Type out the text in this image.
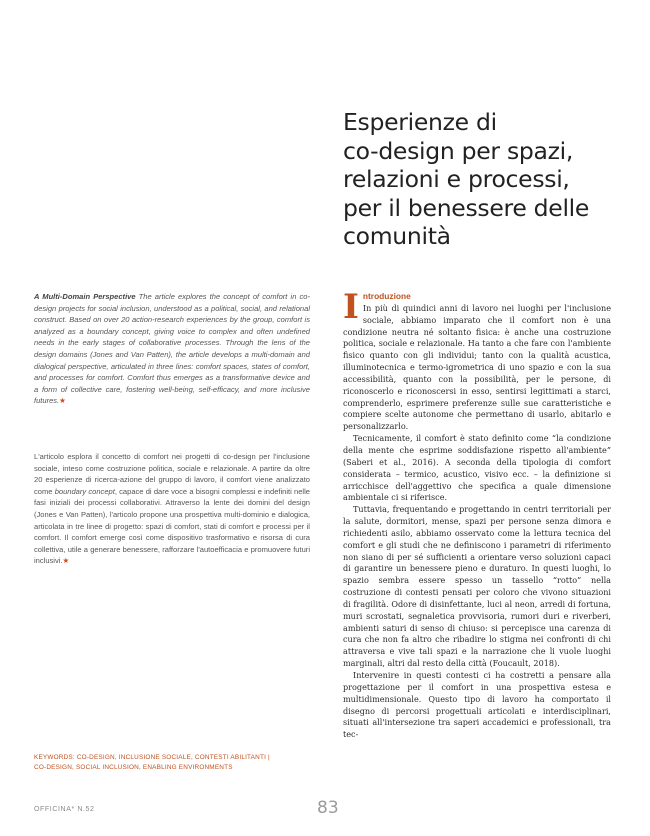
Esperienze di
co-design per spazi,
relazioni e processi,
per il benessere delle
comunità

A Multi-Domain Perspective The article explores the concept of comfort in co-design projects for social inclusion, understood as a political, social, and relational construct. Based on over 20 action-research experiences by the group, comfort is analyzed as a boundary concept, giving voice to complex and often undefined needs in the early stages of collaborative processes. Through the lens of the design domains (Jones and Van Patten), the article develops a multi-domain and dialogical perspective, articulated in three lines: comfort spaces, states of comfort, and processes for comfort. Comfort thus emerges as a transformative device and a form of collective care, fostering well-being, self-efficacy, and more inclusive futures.★

L'articolo esplora il concetto di comfort nei progetti di co-design per l'inclusione sociale, inteso come costruzione politica, sociale e relazionale. A partire da oltre 20 esperienze di ricerca-azione del gruppo di lavoro, il comfort viene analizzato come boundary concept, capace di dare voce a bisogni complessi e indefiniti nelle fasi iniziali dei processi collaborativi. Attraverso la lente dei domini del design (Jones e Van Patten), l'articolo propone una prospettiva multi-dominio e dialogica, articolata in tre linee di progetto: spazi di comfort, stati di comfort e processi per il comfort. Il comfort emerge così come dispositivo trasformativo e risorsa di cura collettiva, utile a generare benessere, rafforzare l'autoefficacia e promuovere futuri inclusivi.★

KEYWORDS: CO-DESIGN, INCLUSIONE SOCIALE, CONTESTI ABILITANTI |
CO-DESIGN, SOCIAL INCLUSION, ENABLING ENVIRONMENTS

Introduzione
In più di quindici anni di lavoro nei luoghi per l'inclusione sociale, abbiamo imparato che il comfort non è una condizione neutra né soltanto fisica: è anche una costruzione politica, sociale e relazionale. Ha tanto a che fare con l'ambiente fisico quanto con gli individui; tanto con la qualità acustica, illuminotecnica e termo-igrometrica di uno spazio e con la sua accessibilità, quanto con la possibilità, per le persone, di riconoscerlo e riconoscersi in esso, sentirsi legittimati a starci, comprenderlo, esprimere preferenze sulle sue caratteristiche e compiere scelte autonome che permettano di usarlo, abitarlo e personalizzarlo.

Tecnicamente, il comfort è stato definito come “la condizione della mente che esprime soddisfazione rispetto all'ambiente” (Saberi et al., 2016). A seconda della tipologia di comfort considerata – termico, acustico, visivo ecc. – la definizione si arricchisce dell'aggettivo che specifica a quale dimensione ambientale ci si riferisce.

Tuttavia, frequentando e progettando in centri territoriali per la salute, dormitori, mense, spazi per persone senza dimora e richiedenti asilo, abbiamo osservato come la lettura tecnica del comfort e gli studi che ne definiscono i parametri di riferimento non siano di per sé sufficienti a orientare verso soluzioni capaci di garantire un benessere pieno e duraturo. In questi luoghi, lo spazio sembra essere spesso un tassello “rotto” nella costruzione di contesti pensati per coloro che vivono situazioni di fragilità. Odore di disinfettante, luci al neon, arredi di fortuna, muri scrostati, segnaletica provvisoria, rumori duri e riverberi, ambienti saturi di senso di chiuso: si percepisce una carenza di cura che non fa altro che ribadire lo stigma nei confronti di chi attraversa e vive tali spazi e la narrazione che li vuole luoghi marginali, altri dal resto della città (Foucault, 2018).

Intervenire in questi contesti ci ha costretti a pensare alla progettazione per il comfort in una prospettiva estesa e multidimensionale. Questo tipo di lavoro ha comportato il disegno di percorsi progettuali articolati e interdisciplinari, situati all'intersezione tra saperi accademici e professionali, tra tec-

OFFICINA* N.52	83
